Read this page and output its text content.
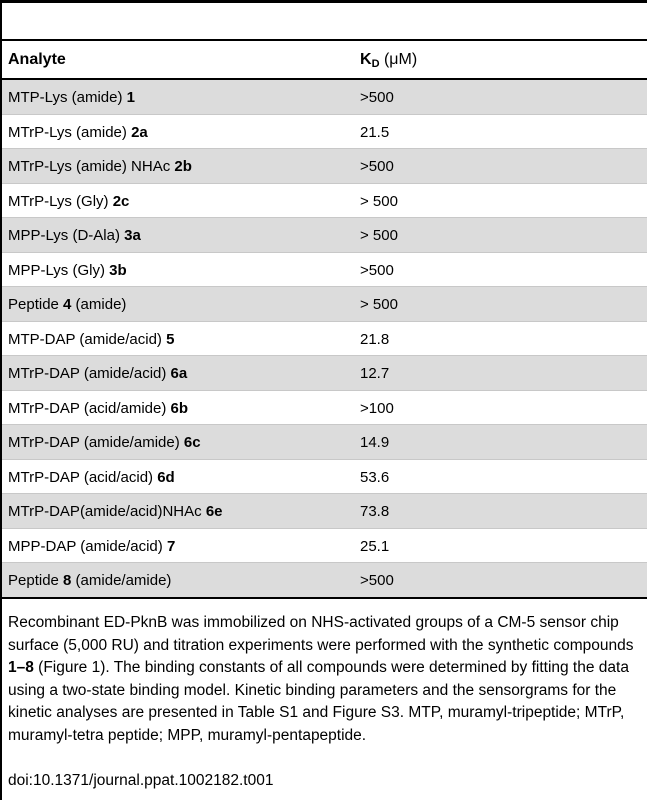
Analyte	$K_D$ (μM)
MTP-Lys (amide) 1	>500
MTrP-Lys (amide) 2a	21.5
MTrP-Lys (amide) NHAc 2b	>500
MTrP-Lys (Gly) 2c	> 500
MPP-Lys (D-Ala) 3a	> 500
MPP-Lys (Gly) 3b	>500
Peptide 4 (amide)	> 500
MTP-DAP (amide/acid) 5	21.8
MTrP-DAP (amide/acid) 6a	12.7
MTrP-DAP (acid/amide) 6b	>100
MTrP-DAP (amide/amide) 6c	14.9
MTrP-DAP (acid/acid) 6d	53.6
MTrP-DAP(amide/acid)NHAc 6e	73.8
MPP-DAP (amide/acid) 7	25.1
Peptide 8 (amide/amide)	>500

Recombinant ED-PknB was immobilized on NHS-activated groups of a CM-5 sensor chip surface (5,000 RU) and titration experiments were performed with the synthetic compounds 1–8 (Figure 1). The binding constants of all compounds were determined by fitting the data using a two-state binding model. Kinetic binding parameters and the sensorgrams for the kinetic analyses are presented in Table S1 and Figure S3. MTP, muramyl-tripeptide; MTrP, muramyl-tetra peptide; MPP, muramyl-pentapeptide.

doi:10.1371/journal.ppat.1002182.t001
